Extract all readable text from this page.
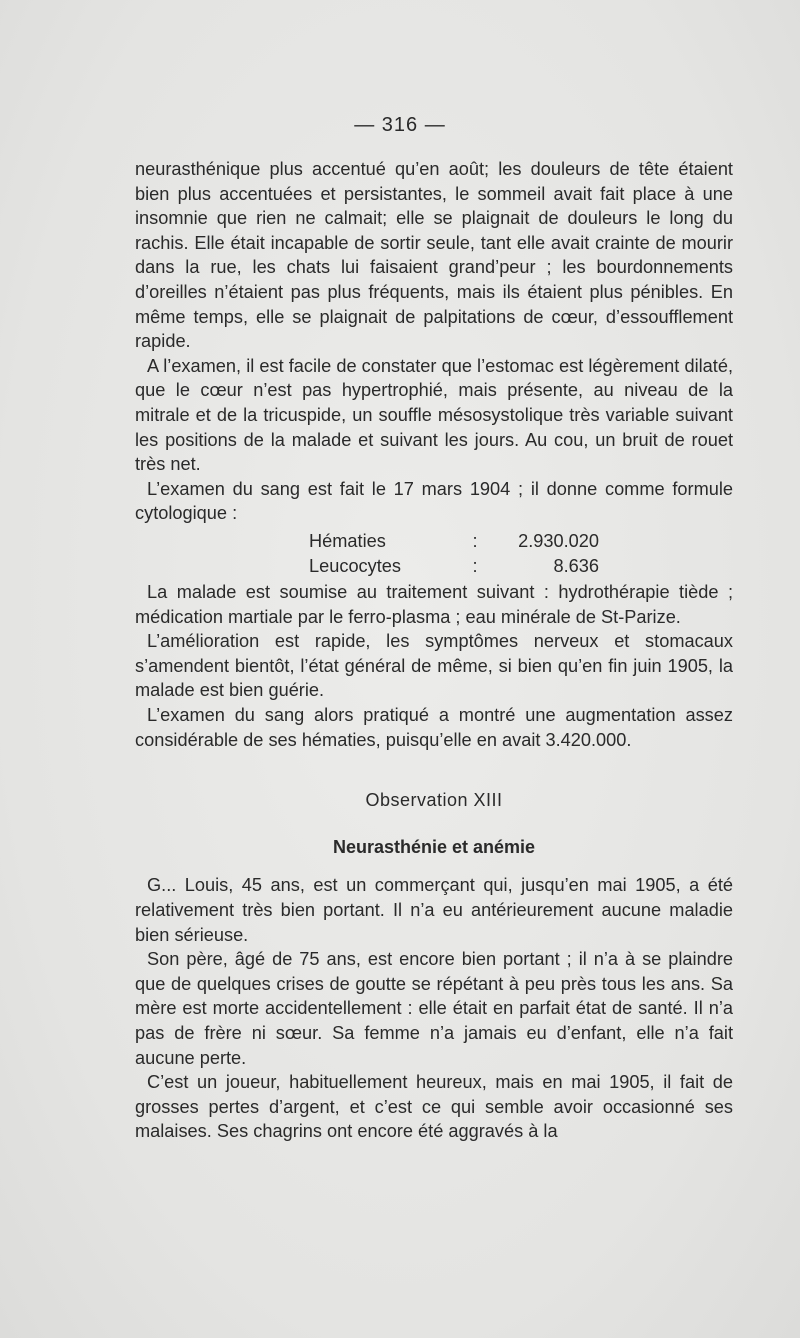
— 316 —

neurasthénique plus accentué qu’en août; les douleurs de tête étaient bien plus accentuées et persistantes, le sommeil avait fait place à une insomnie que rien ne calmait; elle se plaignait de douleurs le long du rachis. Elle était incapable de sortir seule, tant elle avait crainte de mourir dans la rue, les chats lui faisaient grand’peur ; les bourdonnements d’oreilles n’étaient pas plus fréquents, mais ils étaient plus pénibles. En même temps, elle se plaignait de palpitations de cœur, d’essoufflement rapide.

A l’examen, il est facile de constater que l’estomac est légèrement dilaté, que le cœur n’est pas hypertrophié, mais présente, au niveau de la mitrale et de la tricuspide, un souffle mésosystolique très variable suivant les positions de la malade et suivant les jours. Au cou, un bruit de rouet très net.

L’examen du sang est fait le 17 mars 1904 ; il donne comme formule cytologique :

Hématies	:	2.930.020
Leucocytes	:	8.636

La malade est soumise au traitement suivant : hydrothérapie tiède ; médication martiale par le ferro-plasma ; eau minérale de St-Parize.

L’amélioration est rapide, les symptômes nerveux et stomacaux s’amendent bientôt, l’état général de même, si bien qu’en fin juin 1905, la malade est bien guérie.

L’examen du sang alors pratiqué a montré une augmentation assez considérable de ses hématies, puisqu’elle en avait 3.420.000.

Observation XIII
Neurasthénie et anémie

G... Louis, 45 ans, est un commerçant qui, jusqu’en mai 1905, a été relativement très bien portant. Il n’a eu antérieurement aucune maladie bien sérieuse.

Son père, âgé de 75 ans, est encore bien portant ; il n’a à se plaindre que de quelques crises de goutte se répétant à peu près tous les ans. Sa mère est morte accidentellement : elle était en parfait état de santé. Il n’a pas de frère ni sœur. Sa femme n’a jamais eu d’enfant, elle n’a fait aucune perte.

C’est un joueur, habituellement heureux, mais en mai 1905, il fait de grosses pertes d’argent, et c’est ce qui semble avoir occasionné ses malaises. Ses chagrins ont encore été aggravés à la
